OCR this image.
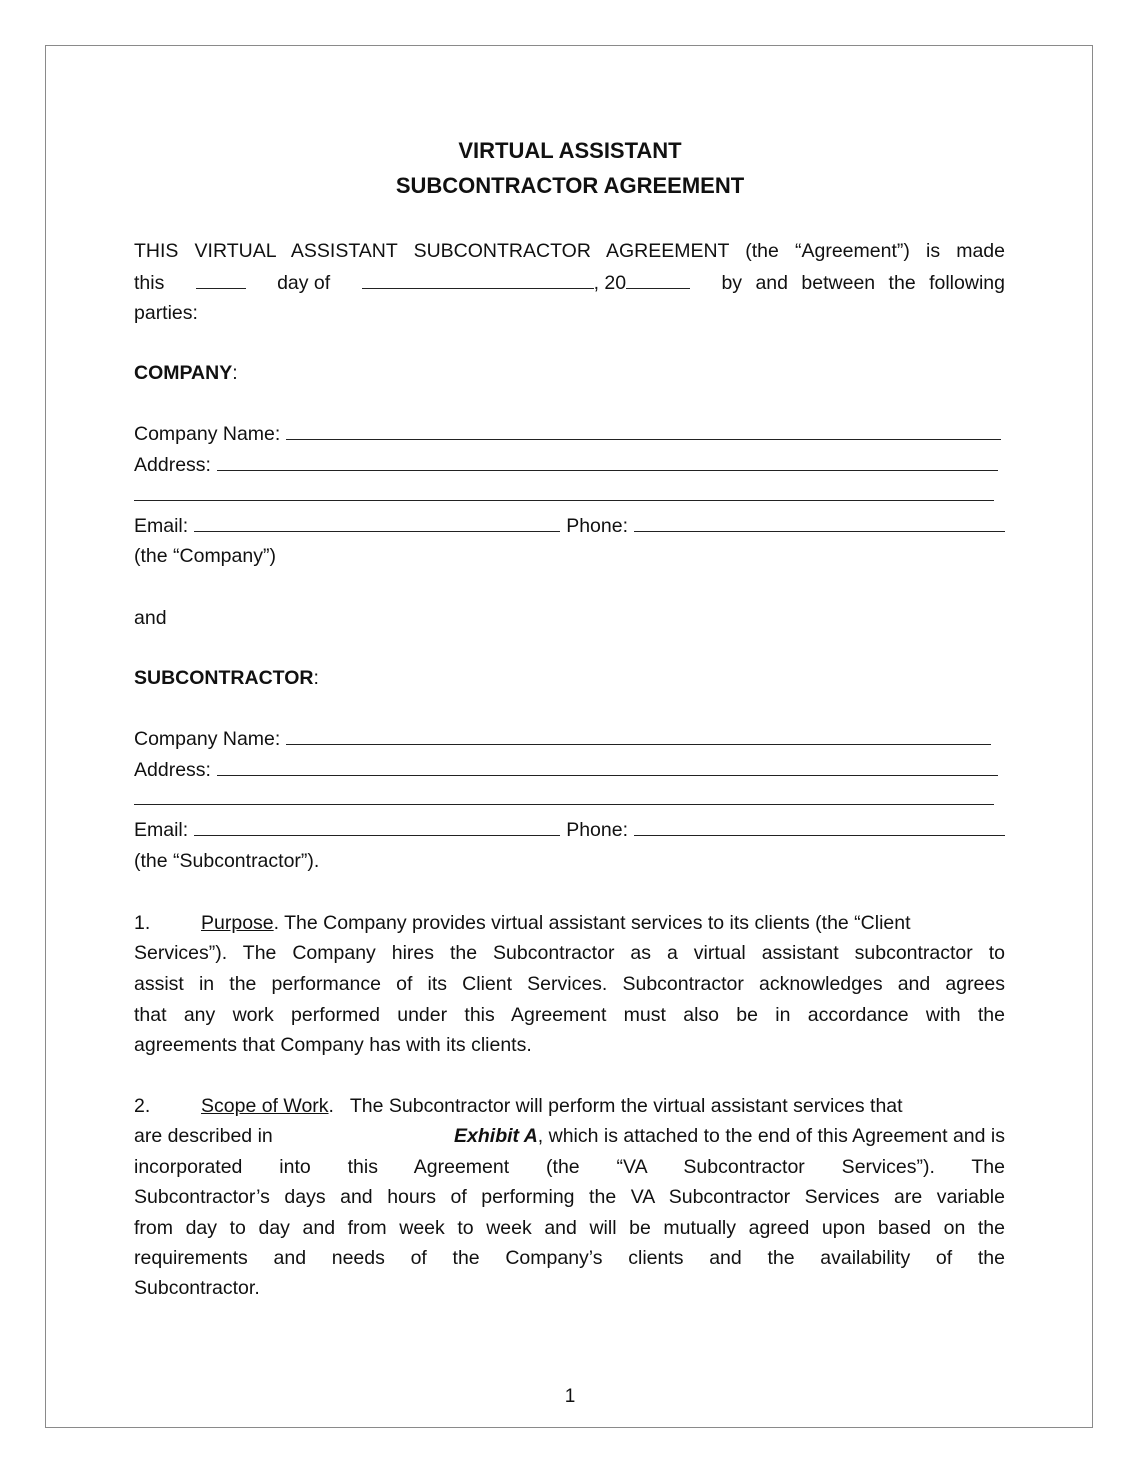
VIRTUAL ASSISTANT
SUBCONTRACTOR AGREEMENT
THIS VIRTUAL ASSISTANT SUBCONTRACTOR AGREEMENT (the “Agreement”) is made
this	day of	, 20	by and between the following
parties:
COMPANY:
Company Name:
Address:
Email:	Phone:
(the “Company”)
and
SUBCONTRACTOR:
Company Name:
Address:
Email:	Phone:
(the “Subcontractor”).
1.	Purpose. The Company provides virtual assistant services to its clients (the “Client
Services”). The Company hires the Subcontractor as a virtual assistant subcontractor to
assist in the performance of its Client Services. Subcontractor acknowledges and agrees
that any work performed under this Agreement must also be in accordance with the
agreements that Company has with its clients.
2.	Scope of Work.   The Subcontractor will perform the virtual assistant services that
are described in	Exhibit A, which is attached to the end of this Agreement and is
incorporated into this Agreement (the “VA Subcontractor Services”). The
Subcontractor’s days and hours of performing the VA Subcontractor Services are variable
from day to day and from week to week and will be mutually agreed upon based on the
requirements and needs of the Company’s clients and the availability of the
Subcontractor.
1
